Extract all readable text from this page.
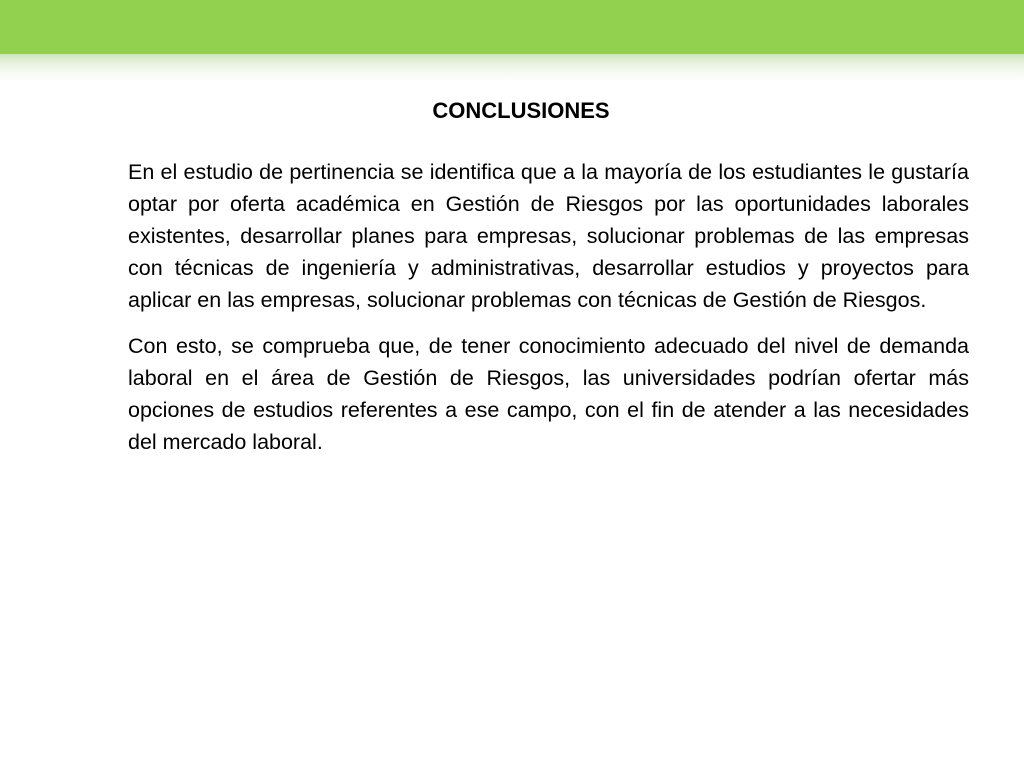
CONCLUSIONES

En el estudio de pertinencia se identifica que a la mayoría de los estudiantes le gustaría optar por oferta académica en Gestión de Riesgos por las oportunidades laborales existentes, desarrollar planes para empresas, solucionar problemas de las empresas con técnicas de ingeniería y administrativas, desarrollar estudios y proyectos para aplicar en las empresas, solucionar problemas con técnicas de Gestión de Riesgos.

Con esto, se comprueba que, de tener conocimiento adecuado del nivel de demanda laboral en el área de Gestión de Riesgos, las universidades podrían ofertar más opciones de estudios referentes a ese campo, con el fin de atender a las necesidades del mercado laboral.
